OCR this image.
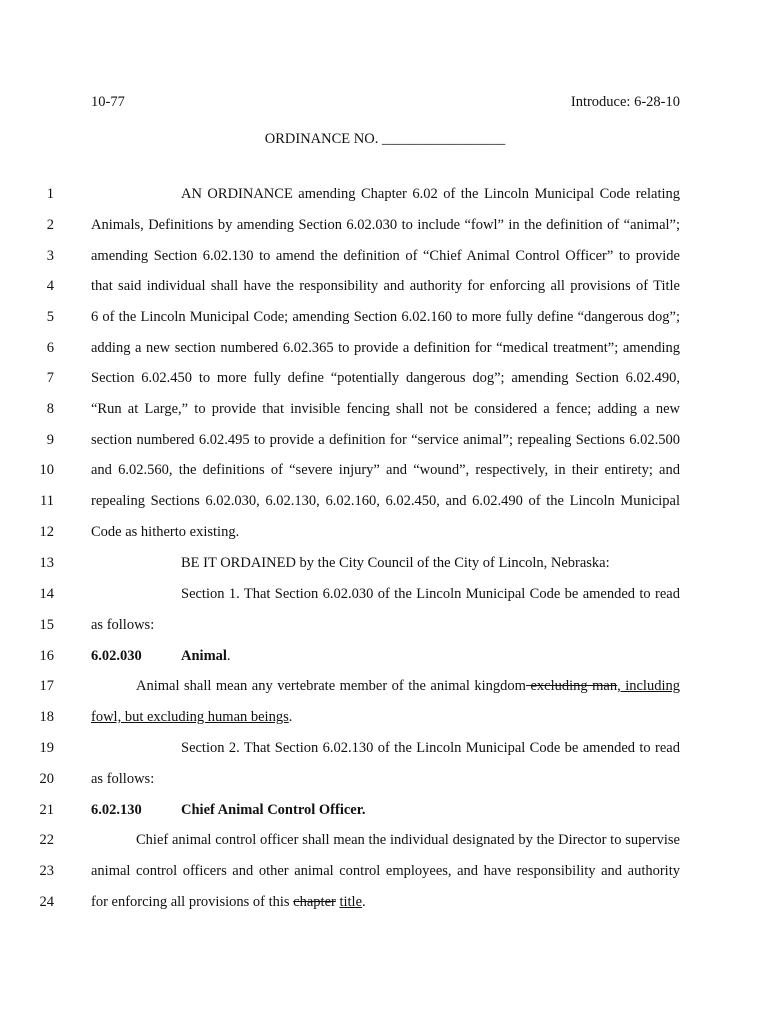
10-77	Introduce: 6-28-10
ORDINANCE NO. _________________
1	AN ORDINANCE amending Chapter 6.02 of the Lincoln Municipal Code relating
2	Animals, Definitions by amending Section 6.02.030 to include “fowl” in the definition of “animal”;
3	amending Section 6.02.130 to amend the definition of “Chief Animal Control Officer” to provide
4	that said individual shall have the responsibility and authority for enforcing all provisions of Title
5	6 of the Lincoln Municipal Code; amending Section 6.02.160 to more fully define “dangerous dog”;
6	adding a new section numbered 6.02.365 to provide a definition for “medical treatment”; amending
7	Section 6.02.450 to more fully define “potentially dangerous dog”; amending Section 6.02.490,
8	“Run at Large,” to provide that invisible fencing shall not be considered a fence; adding a new
9	section numbered 6.02.495 to provide a definition for “service animal”; repealing Sections 6.02.500
10	and 6.02.560, the definitions of “severe injury” and “wound”, respectively, in their entirety; and
11	repealing Sections 6.02.030, 6.02.130, 6.02.160, 6.02.450, and 6.02.490 of the Lincoln Municipal
12	Code as hitherto existing.
13	BE IT ORDAINED by the City Council of the City of Lincoln, Nebraska:
14	Section 1. That Section 6.02.030 of the Lincoln Municipal Code be amended to read
15	as follows:
16	6.02.030	Animal.
17	Animal shall mean any vertebrate member of the animal kingdom excluding man, including
18	fowl, but excluding human beings.
19	Section 2. That Section 6.02.130 of the Lincoln Municipal Code be amended to read
20	as follows:
21	6.02.130	Chief Animal Control Officer.
22	Chief animal control officer shall mean the individual designated by the Director to supervise
23	animal control officers and other animal control employees, and have responsibility and authority
24	for enforcing all provisions of this chapter title.
